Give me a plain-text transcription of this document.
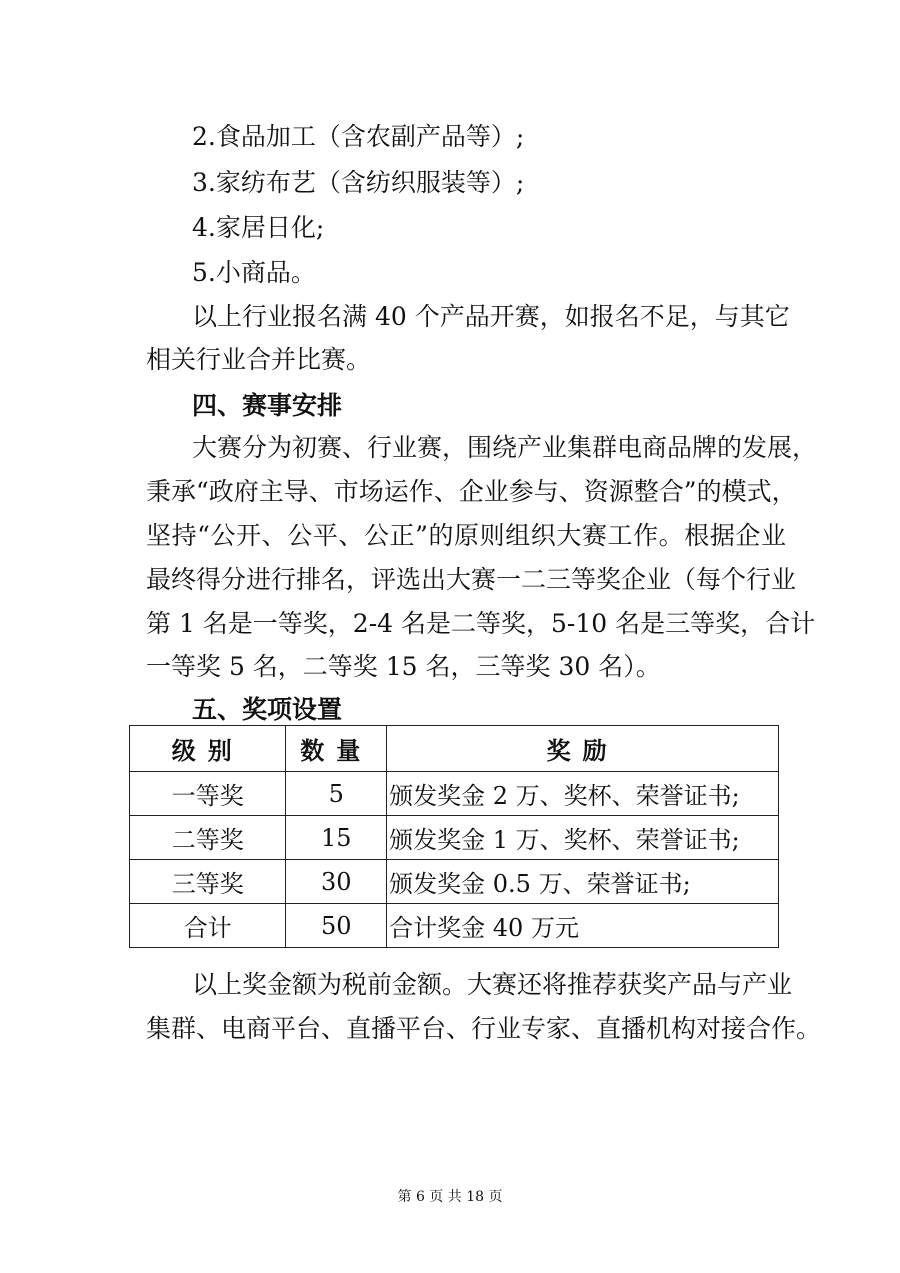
2.食品加工（含农副产品等）;
3.家纺布艺（含纺织服装等）;
4.家居日化;
5.小商品。
以上行业报名满 40 个产品开赛，如报名不足，与其它
相关行业合并比赛。
四、赛事安排
大赛分为初赛、行业赛，围绕产业集群电商品牌的发展，
秉承“政府主导、市场运作、企业参与、资源整合”的模式，
坚持“公开、公平、公正”的原则组织大赛工作。根据企业
最终得分进行排名，评选出大赛一二三等奖企业（每个行业
第 1 名是一等奖，2-4 名是二等奖，5-10 名是三等奖，合计
一等奖 5 名，二等奖 15 名，三等奖 30 名）。
五、奖项设置
级别	数量	奖励
一等奖	5	颁发奖金 2 万、奖杯、荣誉证书;
二等奖	15	颁发奖金 1 万、奖杯、荣誉证书;
三等奖	30	颁发奖金 0.5 万、荣誉证书;
合计	50	合计奖金 40 万元
以上奖金额为税前金额。大赛还将推荐获奖产品与产业
集群、电商平台、直播平台、行业专家、直播机构对接合作。
第 6 页 共 18 页
